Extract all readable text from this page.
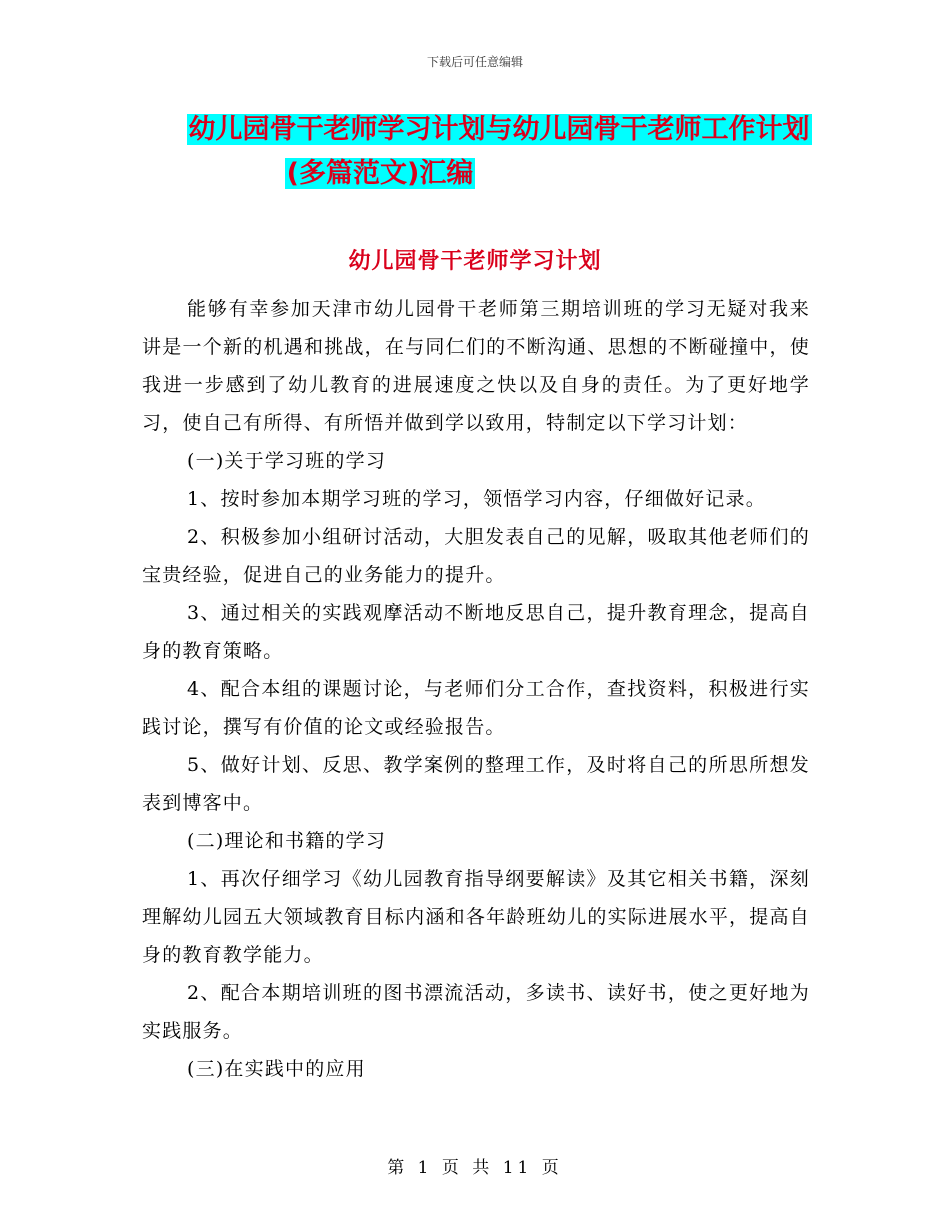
下载后可任意编辑
幼儿园骨干老师学习计划与幼儿园骨干老师工作计划
(多篇范文)汇编
幼儿园骨干老师学习计划

能够有幸参加天津市幼儿园骨干老师第三期培训班的学习无疑对我来讲是一个新的机遇和挑战，在与同仁们的不断沟通、思想的不断碰撞中，使我进一步感到了幼儿教育的进展速度之快以及自身的责任。为了更好地学习，使自己有所得、有所悟并做到学以致用，特制定以下学习计划：

(一)关于学习班的学习

1、按时参加本期学习班的学习，领悟学习内容，仔细做好记录。

2、积极参加小组研讨活动，大胆发表自己的见解，吸取其他老师们的宝贵经验，促进自己的业务能力的提升。

3、通过相关的实践观摩活动不断地反思自己，提升教育理念，提高自身的教育策略。

4、配合本组的课题讨论，与老师们分工合作，查找资料，积极进行实践讨论，撰写有价值的论文或经验报告。

5、做好计划、反思、教学案例的整理工作，及时将自己的所思所想发表到博客中。

(二)理论和书籍的学习

1、再次仔细学习《幼儿园教育指导纲要解读》及其它相关书籍，深刻理解幼儿园五大领域教育目标内涵和各年龄班幼儿的实际进展水平，提高自身的教育教学能力。

2、配合本期培训班的图书漂流活动，多读书、读好书，使之更好地为实践服务。

(三)在实践中的应用

第 1 页 共 11 页
